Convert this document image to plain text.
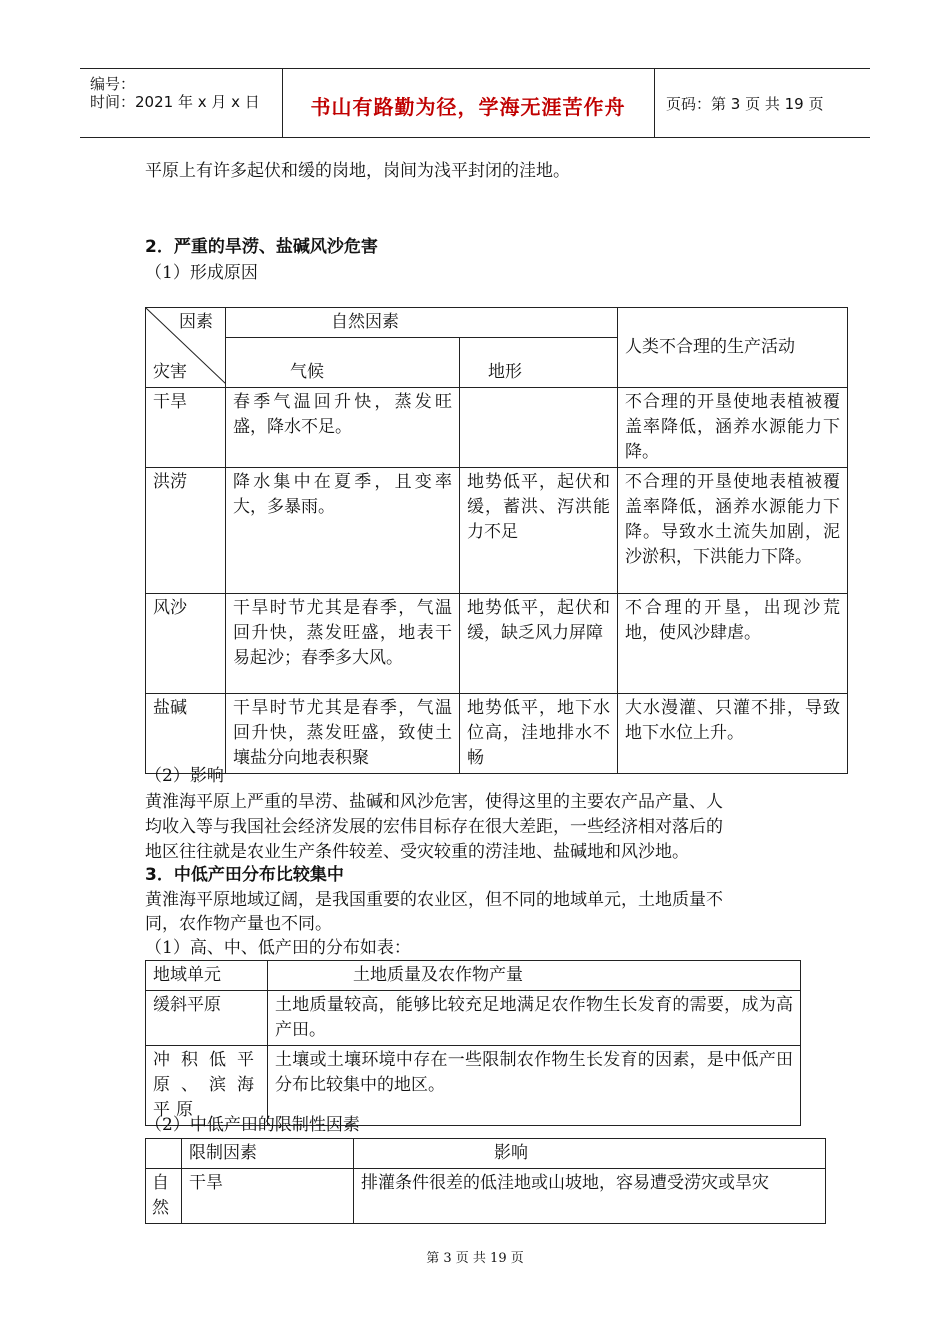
编号：
时间：2021 年 x 月 x 日	书山有路勤为径，学海无涯苦作舟	页码：第 3 页 共 19 页
平原上有许多起伏和缓的岗地，岗间为浅平封闭的洼地。
2．严重的旱涝、盐碱风沙危害
（1）形成原因
因素
灾害	自然因素		人类不合理的生产活动
	气候	地形	
干旱	春季气温回升快，蒸发旺盛，降水不足。		不合理的开垦使地表植被覆盖率降低，涵养水源能力下降。
洪涝	降水集中在夏季，且变率大，多暴雨。	地势低平，起伏和缓，蓄洪、泻洪能力不足	不合理的开垦使地表植被覆盖率降低，涵养水源能力下降。导致水土流失加剧，泥沙淤积，下洪能力下降。
风沙	干旱时节尤其是春季，气温回升快，蒸发旺盛，地表干易起沙；春季多大风。	地势低平，起伏和缓，缺乏风力屏障	不合理的开垦，出现沙荒地，使风沙肆虐。
盐碱	干旱时节尤其是春季，气温回升快，蒸发旺盛，致使土壤盐分向地表积聚	地势低平，地下水位高，洼地排水不畅	大水漫灌、只灌不排，导致地下水位上升。
（2）影响
黄淮海平原上严重的旱涝、盐碱和风沙危害，使得这里的主要农产品产量、人
均收入等与我国社会经济发展的宏伟目标存在很大差距，一些经济相对落后的
地区往往就是农业生产条件较差、受灾较重的涝洼地、盐碱地和风沙地。
3．中低产田分布比较集中
黄淮海平原地域辽阔，是我国重要的农业区，但不同的地域单元，土地质量不
同，农作物产量也不同。
（1）高、中、低产田的分布如表：
地域单元	土地质量及农作物产量
缓斜平原	土地质量较高，能够比较充足地满足农作物生长发育的需要，成为高产田。
冲积低平原、滨海平原	土壤或土壤环境中存在一些限制农作物生长发育的因素，是中低产田分布比较集中的地区。
（2）中低产田的限制性因素
	限制因素	影响
自然	干旱	排灌条件很差的低洼地或山坡地，容易遭受涝灾或旱灾
第 3 页 共 19 页
